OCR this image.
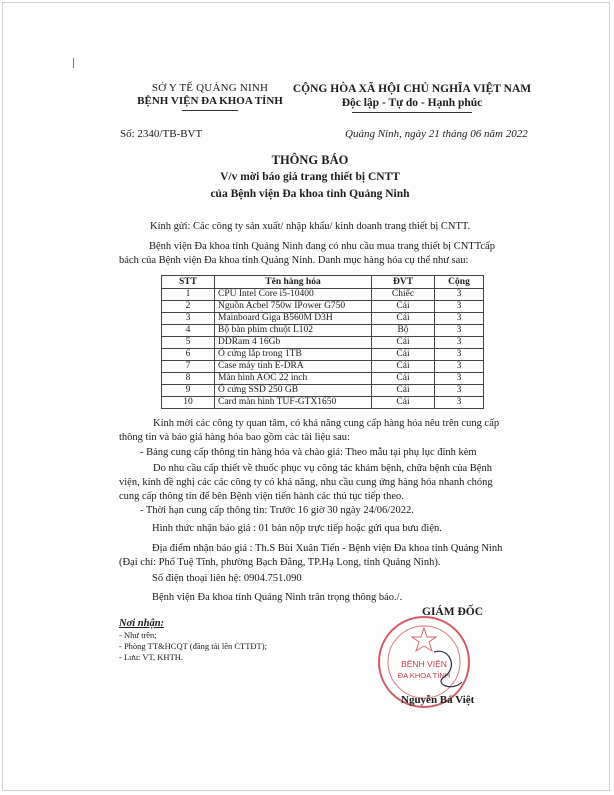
SỞ Y TẾ QUẢNG NINH
BỆNH VIỆN ĐA KHOA TỈNH
CỘNG HÒA XÃ HỘI CHỦ NGHĨA VIỆT NAM
Độc lập - Tự do - Hạnh phúc
Số: 2340/TB-BVT	Quảng Ninh, ngày 21 tháng 06 năm 2022
THÔNG BÁO
V/v mời báo giá trang thiết bị CNTT
của Bệnh viện Đa khoa tỉnh Quảng Ninh
Kính gửi: Các công ty sản xuất/ nhập khẩu/ kinh doanh trang thiết bị CNTT.
Bệnh viện Đa khoa tỉnh Quảng Ninh đang có nhu cầu mua trang thiết bị CNTTcấp bách của Bệnh viện Đa khoa tỉnh Quảng Ninh. Danh mục hàng hóa cụ thể như sau:
STT	Tên hàng hóa	ĐVT	Cộng
1	CPU Intel Core i5-10400	Chiếc	3
2	Nguồn Acbel 750w IPower G750	Cái	3
3	Mainboard Giga B560M D3H	Cái	3
4	Bộ bàn phím chuột L102	Bộ	3
5	DDRam 4 16Gb	Cái	3
6	Ổ cứng lắp trong 1TB	Cái	3
7	Case máy tính E-DRA	Cái	3
8	Màn hình AOC 22 inch	Cái	3
9	Ổ cứng SSD 250 GB	Cái	3
10	Card màn hình TUF-GTX1650	Cái	3
Kính mời các công ty quan tâm, có khả năng cung cấp hàng hóa nêu trên cung cấp thông tin và báo giá hàng hóa bao gồm các tài liệu sau:
- Bảng cung cấp thông tin hàng hóa và chào giá: Theo mẫu tại phụ lục đính kèm
Do nhu cầu cấp thiết về thuốc phục vụ công tác khám bệnh, chữa bệnh của Bệnh viện, kính đề nghị các các công ty có khả năng, nhu cầu cung ứng hàng hóa nhanh chóng cung cấp thông tin để bên Bệnh viện tiến hành các thủ tục tiếp theo.
- Thời hạn cung cấp thông tin: Trước 16 giờ 30 ngày 24/06/2022.
Hình thức nhận báo giá : 01 bản nộp trực tiếp hoặc gửi qua bưu điện.
Địa điểm nhận báo giá : Th.S Bùi Xuân Tiến - Bệnh viện Đa khoa tỉnh Quảng Ninh (Đại chỉ: Phố Tuệ Tĩnh, phường Bạch Đằng, TP.Hạ Long, tỉnh Quảng Ninh).
Số điện thoại liên hệ: 0904.751.090
Bệnh viện Đa khoa tỉnh Quảng Ninh trân trọng thông báo./.
Nơi nhận:
- Như trên;
- Phòng TT&HCQT (đăng tải lên CTTĐT);
- Lưu: VT, KHTH.
BỆNH VIỆN
ĐA KHOA TỈNH
GIÁM ĐỐC
Nguyễn Bá Việt
